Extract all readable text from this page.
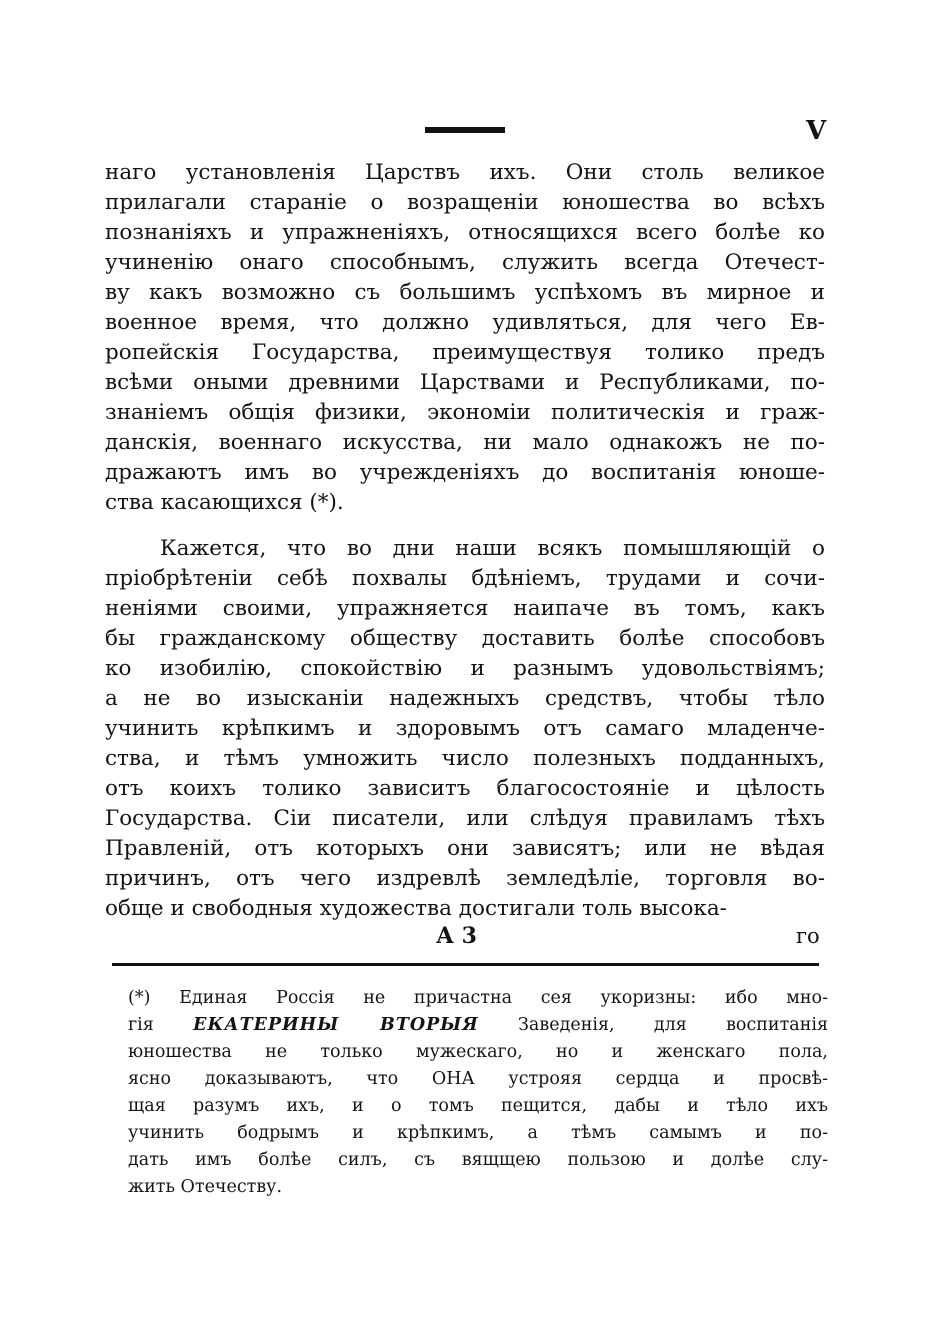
V
наго установленія Царствъ ихъ. Они столь великое
прилагали стараніе о возращеніи юношества во всѣхъ
познаніяхъ и упражненіяхъ, относящихся всего болѣе ко
учиненію онаго способнымъ, служить всегда Отечест-
ву какъ возможно съ большимъ успѣхомъ въ мирное и
военное время, что должно удивляться, для чего Ев-
ропейскія Государства, преимуществуя толико предъ
всѣми оными древними Царствами и Республиками, по-
знаніемъ общія физики, экономіи политическія и граж-
данскія, военнаго искусства, ни мало однакожъ не по-
дражаютъ имъ во учрежденіяхъ до воспитанія юноше-
ства касающихся (*).
Кажется, что во дни наши всякъ помышляющій о
пріобрѣтеніи себѣ похвалы бдѣніемъ, трудами и сочи-
неніями своими, упражняется наипаче въ томъ, какъ
бы гражданскому обществу доставить болѣе способовъ
ко изобилію, спокойствію и разнымъ удовольствіямъ;
а не во изысканіи надежныхъ средствъ, чтобы тѣло
учинить крѣпкимъ и здоровымъ отъ самаго младенче-
ства, и тѣмъ умножить число полезныхъ подданныхъ,
отъ коихъ толико зависитъ благосостояніе и цѣлость
Государства. Сіи писатели, или слѣдуя правиламъ тѣхъ
Правленій, отъ которыхъ они зависятъ; или не вѣдая
причинъ, отъ чего издревлѣ земледѣліе, торговля во-
обще и свободныя художества достигали толь высока-
А 3	го
(*) Единая Россія не причастна сея укоризны: ибо мно-
гія ЕКАТЕРИНЫ ВТОРЫЯ Заведенія, для воспитанія
юношества не только мужескаго, но и женскаго пола,
ясно доказываютъ, что ОНА устрояя сердца и просвѣ-
щая разумъ ихъ, и о томъ пещится, дабы и тѣло ихъ
учинить бодрымъ и крѣпкимъ, а тѣмъ самымъ и по-
дать имъ болѣе силъ, съ вящщею пользою и долѣе слу-
жить Отечеству.
